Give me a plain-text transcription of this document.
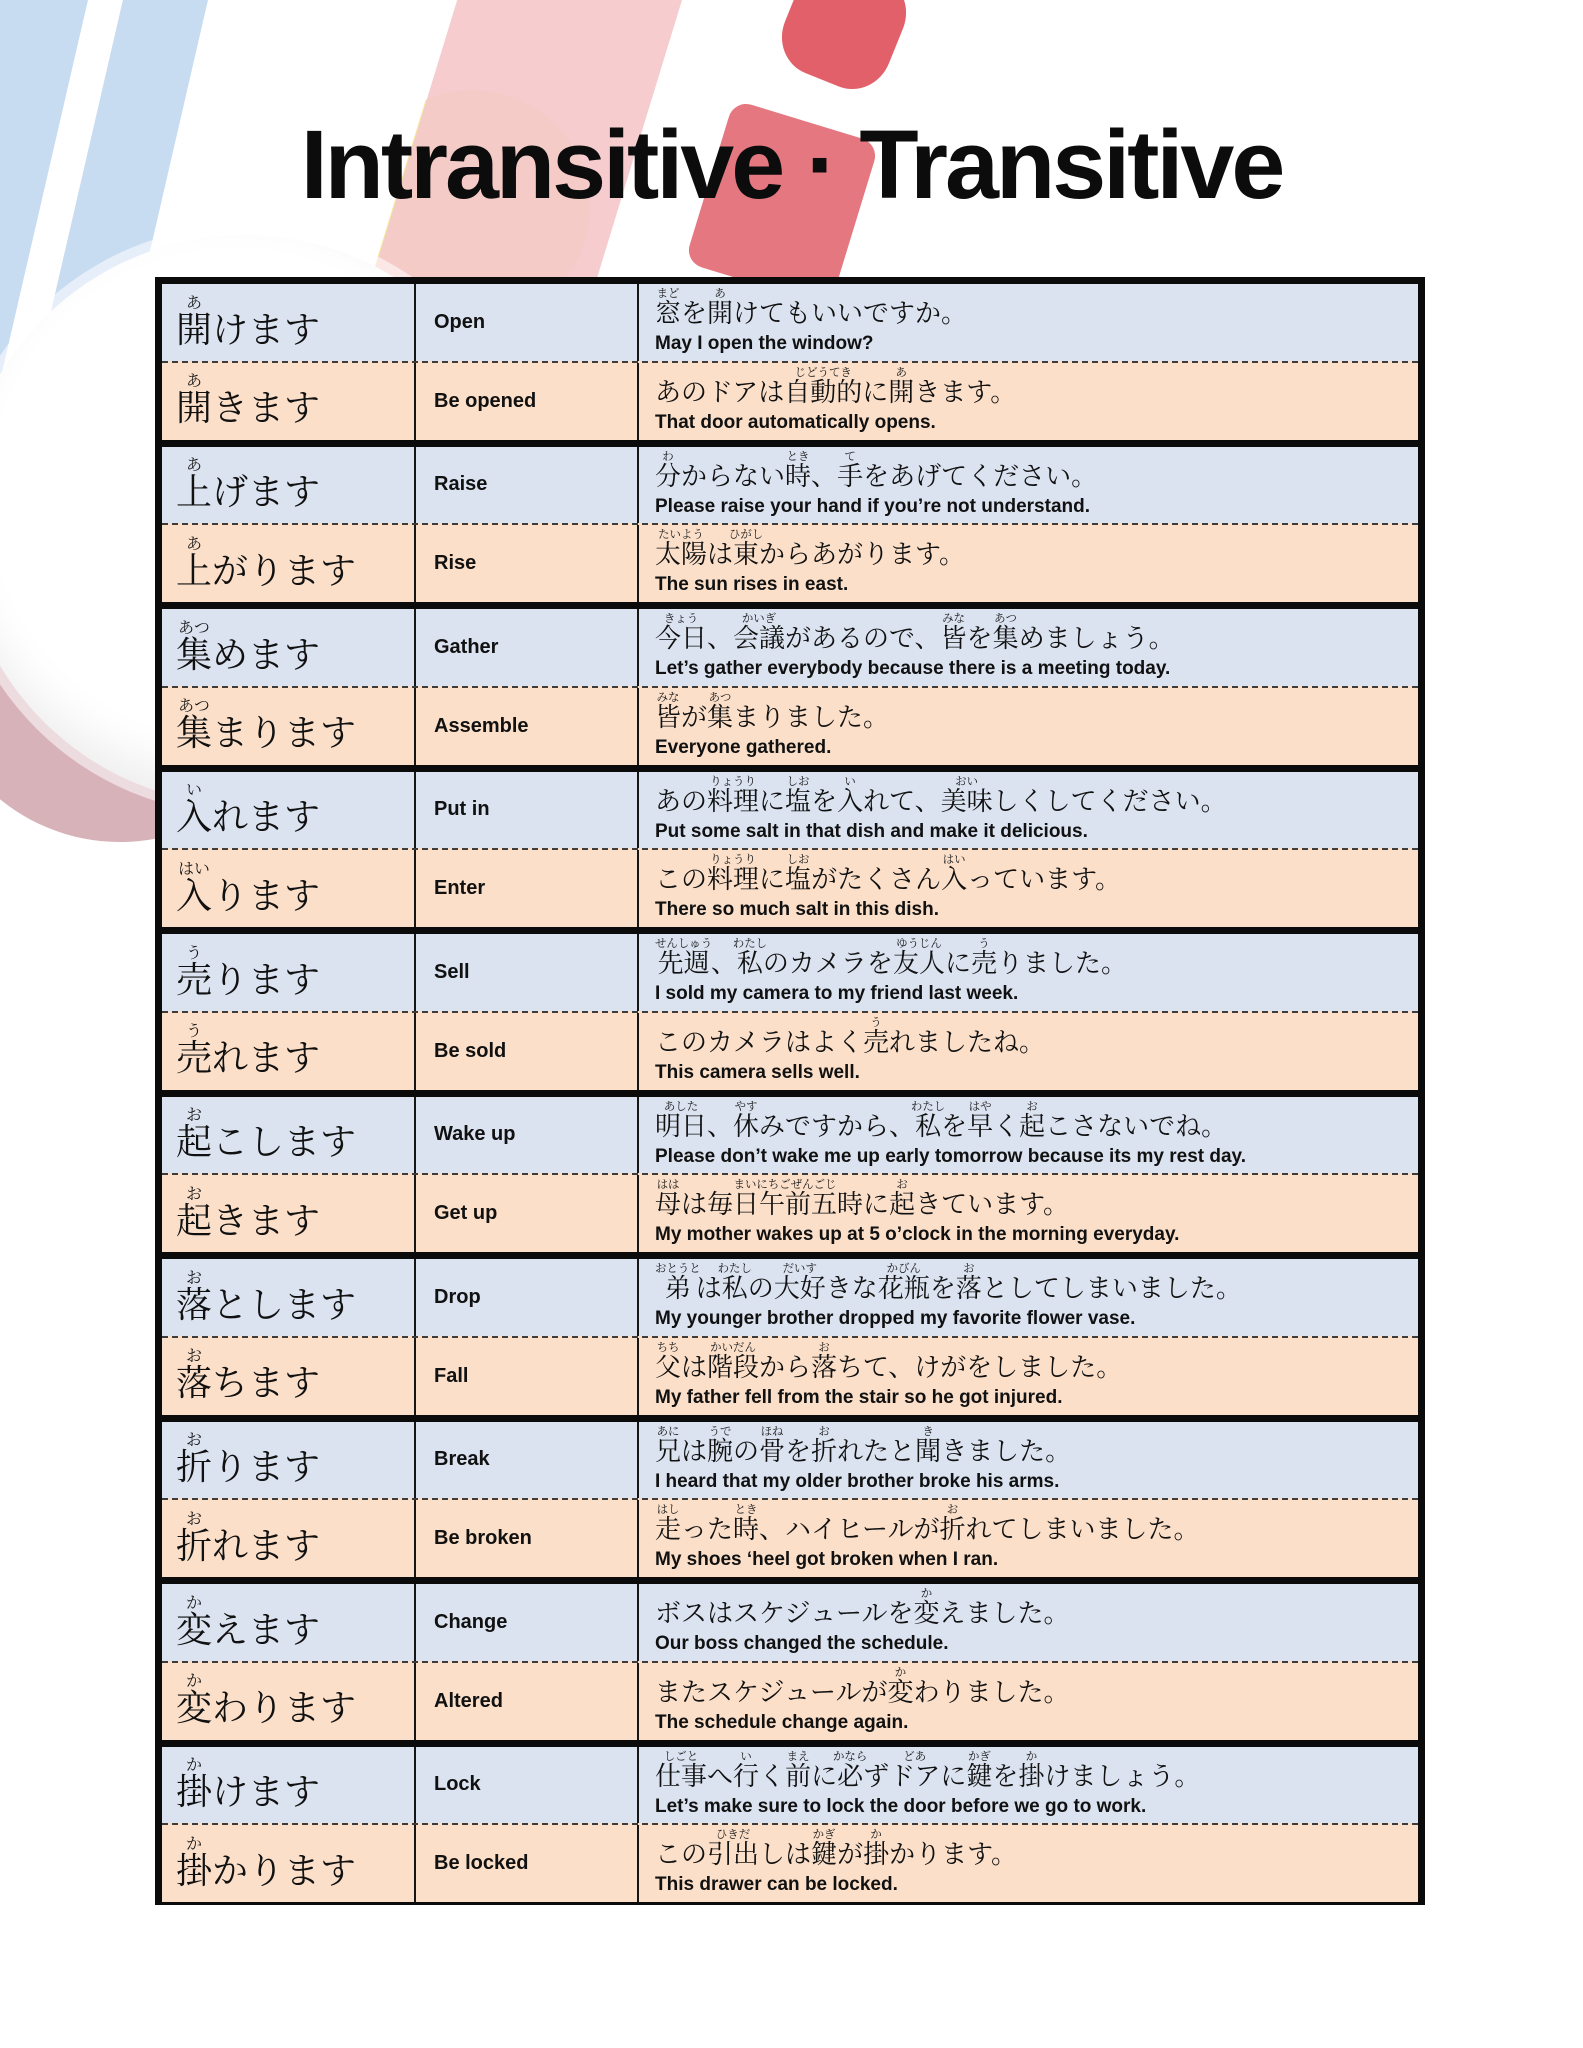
Intransitive · Transitive
開あけます	Open	窓まどを開あけてもいいですか。
May I open the window?
開あきます	Be opened	あのドアは自動的じどうてきに開あきます。
That door automatically opens.
上あげます	Raise	分わからない時とき、手てをあげてください。
Please raise your hand if you’re not understand.
上あがります	Rise	太陽たいようは東ひがしからあがります。
The sun rises in east.
集あつめます	Gather	今日きょう、会議かいぎがあるので、皆みなを集あつめましょう。
Let’s gather everybody because there is a meeting today.
集あつまります	Assemble	皆みなが集あつまりました。
Everyone gathered.
入いれます	Put in	あの料理りょうりに塩しおを入いれて、美味おいしくしてください。
Put some salt in that dish and make it delicious.
入はいります	Enter	この料理りょうりに塩しおがたくさん入はいっています。
There so much salt in this dish.
売うります	Sell	先週せんしゅう、私わたしのカメラを友人ゆうじんに売うりました。
I sold my camera to my friend last week.
売うれます	Be sold	このカメラはよく売うれましたね。
This camera sells well.
起おこします	Wake up	明日あした、休やすみですから、私わたしを早はやく起おこさないでね。
Please don’t wake me up early tomorrow because its my rest day.
起おきます	Get up	母ははは毎日午前五時まいにちごぜんごじに起おきています。
My mother wakes up at 5 o’clock in the morning everyday.
落おとします	Drop	弟おとうとは私わたしの大好だいすきな花瓶かびんを落おとしてしまいました。
My younger brother dropped my favorite flower vase.
落おちます	Fall	父ちちは階段かいだんから落おちて、けがをしました。
My father fell from the stair so he got injured.
折おります	Break	兄あには腕うでの骨ほねを折おれたと聞ききました。
I heard that my older brother broke his arms.
折おれます	Be broken	走はしった時とき、ハイヒールが折おれてしまいました。
My shoes ‘heel got broken when I ran.
変かえます	Change	ボスはスケジュールを変かえました。
Our boss changed the schedule.
変かわります	Altered	またスケジュールが変かわりました。
The schedule change again.
掛かけます	Lock	仕事しごとへ行いく前まえに必かならずドアどあに鍵かぎを掛かけましょう。
Let’s make sure to lock the door before we go to work.
掛かかります	Be locked	この引出ひきだしは鍵かぎが掛かかります。
This drawer can be locked.
